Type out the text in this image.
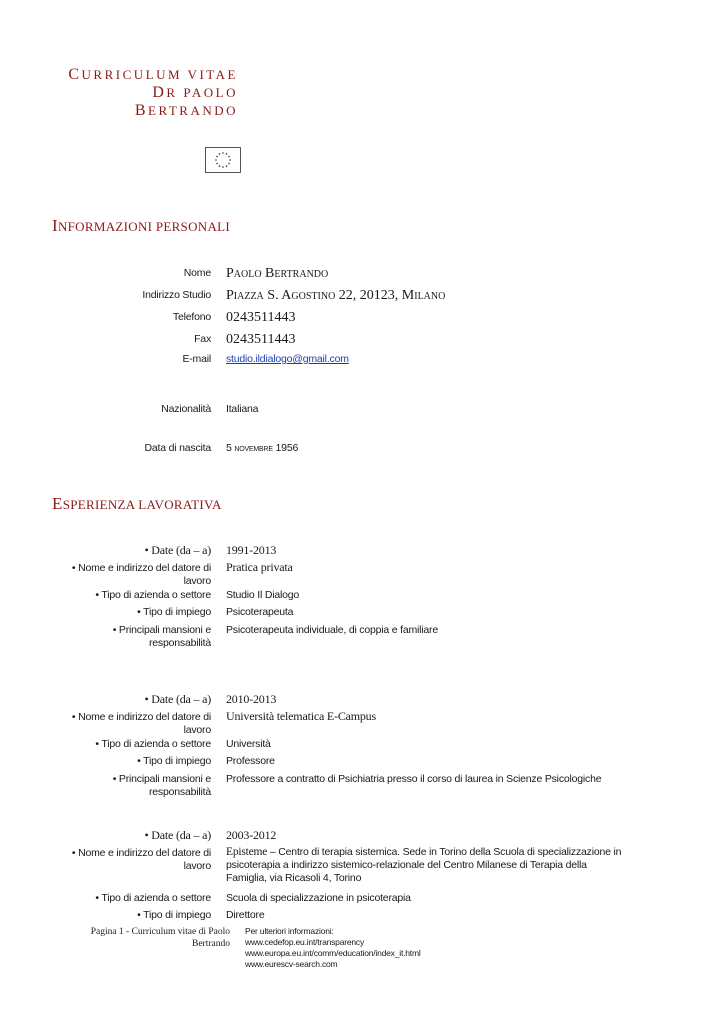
CURRICULUM VITAE
DR PAOLO
BERTRANDO
INFORMAZIONI PERSONALI
Nome Paolo Bertrando
Indirizzo Studio Piazza S. Agostino 22, 20123, Milano
Telefono 0243511443
Fax 0243511443
E-mail studio.ildialogo@gmail.com
Nazionalità Italiana
Data di nascita 5 novembre 1956
ESPERIENZA LAVORATIVA
• Date (da – a) 1991-2013
• Nome e indirizzo del datore di lavoro
Pratica privata
• Tipo di azienda o settore Studio Il Dialogo
• Tipo di impiego Psicoterapeuta
• Principali mansioni e responsabilità
Psicoterapeuta individuale, di coppia e familiare
• Date (da – a) 2010-2013
• Nome e indirizzo del datore di lavoro
Università telematica E-Campus
• Tipo di azienda o settore Università
• Tipo di impiego Professore
• Principali mansioni e responsabilità
Professore a contratto di Psichiatria presso il corso di laurea in Scienze Psicologiche
• Date (da – a) 2003-2012
• Nome e indirizzo del datore di lavoro
Episteme – Centro di terapia sistemica. Sede in Torino della Scuola di specializzazione in psicoterapia a indirizzo sistemico-relazionale del Centro Milanese di Terapia della Famiglia, via Ricasoli 4, Torino
• Tipo di azienda o settore Scuola di specializzazione in psicoterapia
• Tipo di impiego Direttore
Pagina 1 - Curriculum vitae di Paolo Bertrando
Per ulteriori informazioni:
www.cedefop.eu.int/transparency
www.europa.eu.int/comm/education/index_it.html
www.eurescv-search.com
